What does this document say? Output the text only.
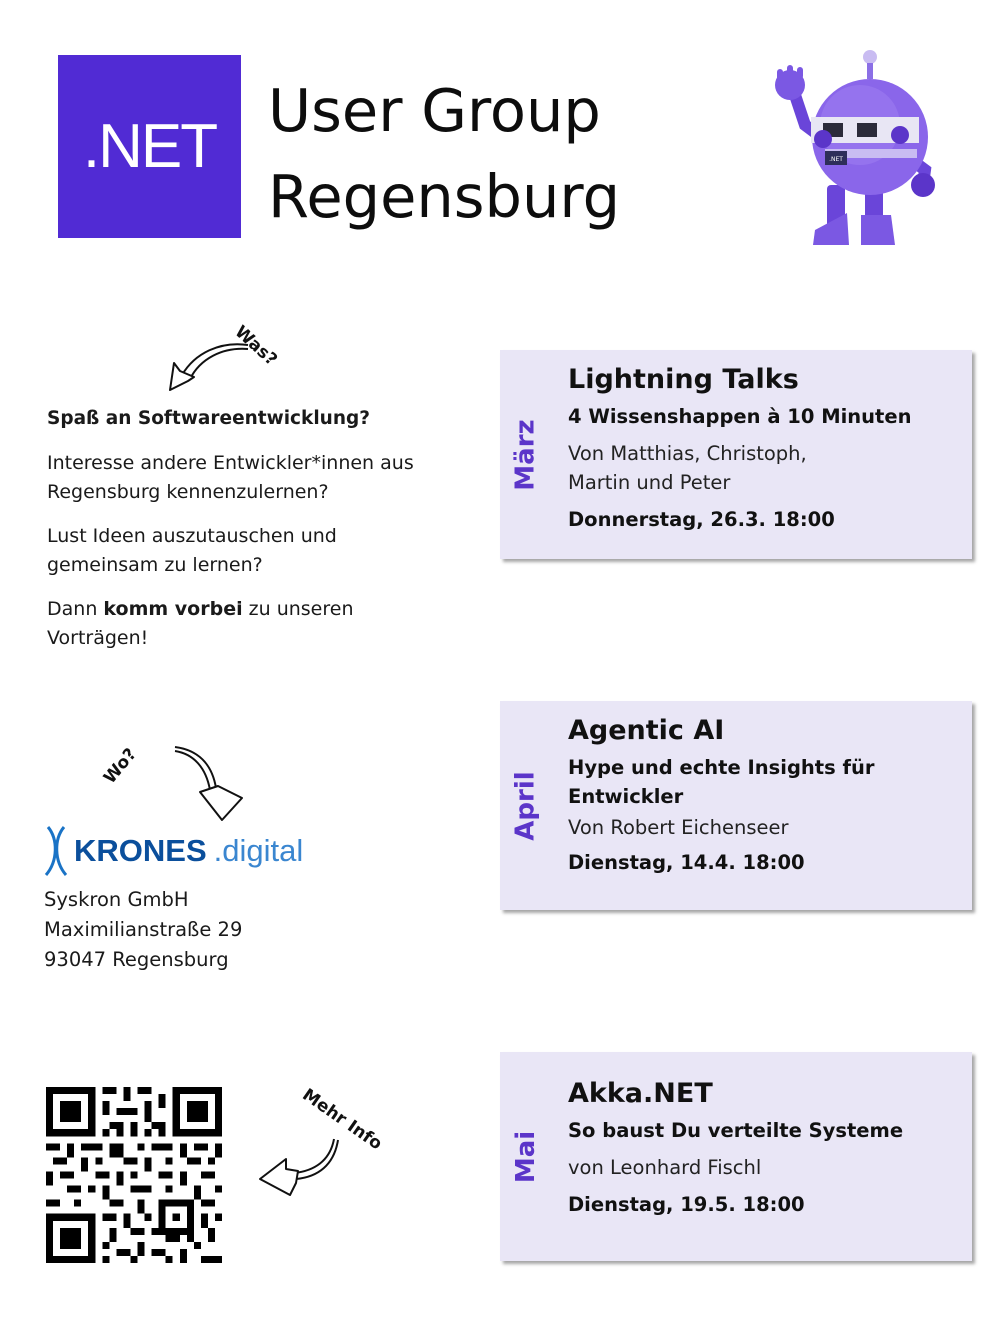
.NET
User Group
Regensburg
.NET
Was?

Spaß an Softwareentwicklung?

Interesse andere Entwickler*innen aus Regensburg kennenzulernen?

Lust Ideen auszutauschen und gemeinsam zu lernen?

Dann komm vorbei zu unseren Vorträgen!

Wo?
KRONES .digital
Syskron GmbH
Maximilianstraße 29
93047 Regensburg
Mehr Info
März
Lightning Talks
4 Wissenshappen à 10 Minuten
Von Matthias, Christoph, Martin und Peter
Donnerstag, 26.3. 18:00
April
Agentic AI
Hype und echte Insights für Entwickler
Von Robert Eichenseer
Dienstag, 14.4. 18:00
Mai
Akka.NET
So baust Du verteilte Systeme
von Leonhard Fischl
Dienstag, 19.5. 18:00
